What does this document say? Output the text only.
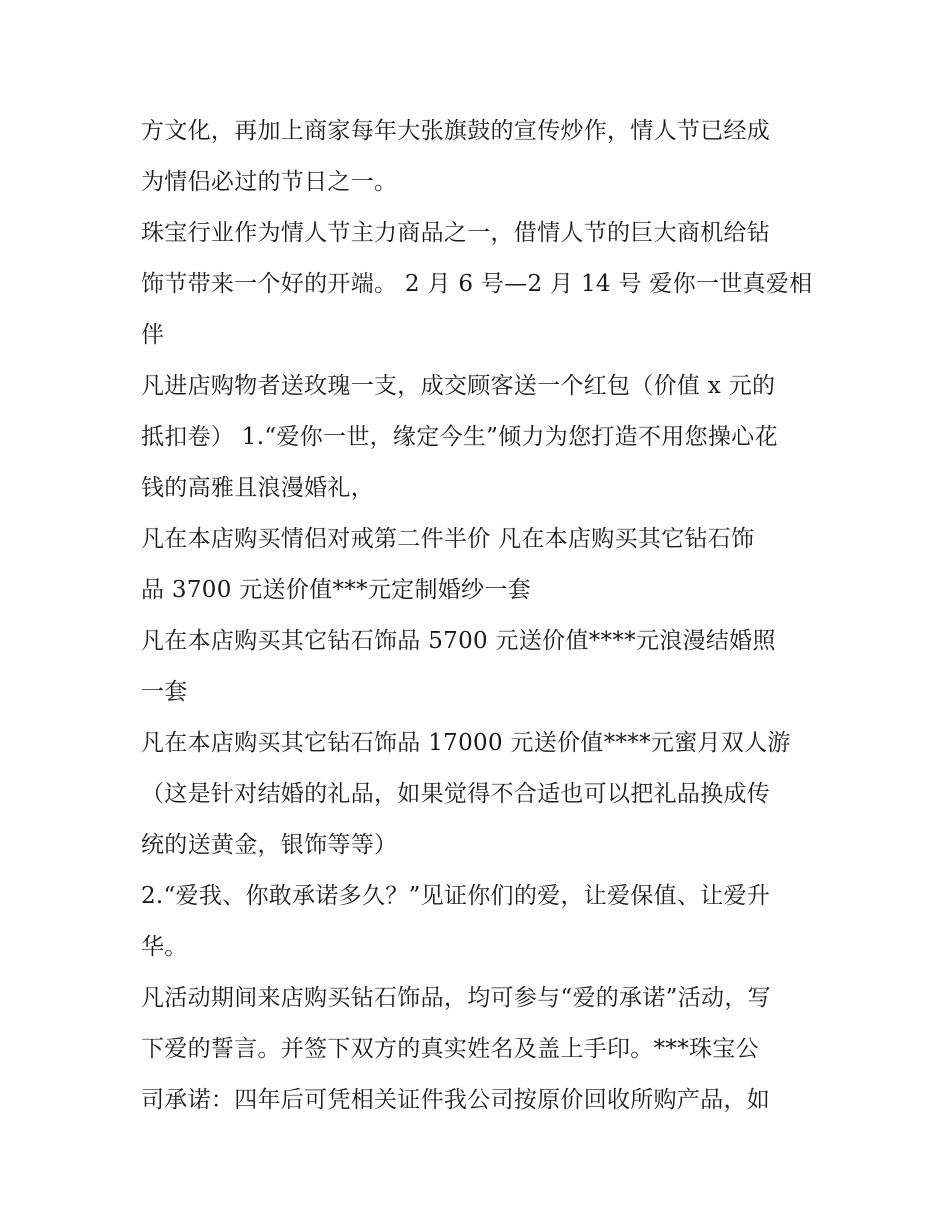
方文化，再加上商家每年大张旗鼓的宣传炒作，情人节已经成
为情侣必过的节日之一。
珠宝行业作为情人节主力商品之一，借情人节的巨大商机给钻
饰节带来一个好的开端。 2 月 6 号—2 月 14 号 爱你一世真爱相
伴
凡进店购物者送玫瑰一支，成交顾客送一个红包（价值 x 元的
抵扣卷） 1.“爱你一世，缘定今生”倾力为您打造不用您操心花
钱的高雅且浪漫婚礼，
凡在本店购买情侣对戒第二件半价 凡在本店购买其它钻石饰
品 3700 元送价值***元定制婚纱一套
凡在本店购买其它钻石饰品 5700 元送价值****元浪漫结婚照
一套
凡在本店购买其它钻石饰品 17000 元送价值****元蜜月双人游
（这是针对结婚的礼品，如果觉得不合适也可以把礼品换成传
统的送黄金，银饰等等）
2.“爱我、你敢承诺多久？”见证你们的爱，让爱保值、让爱升
华。
凡活动期间来店购买钻石饰品，均可参与“爱的承诺”活动，写
下爱的誓言。并签下双方的真实姓名及盖上手印。***珠宝公
司承诺：四年后可凭相关证件我公司按原价回收所购产品，如
